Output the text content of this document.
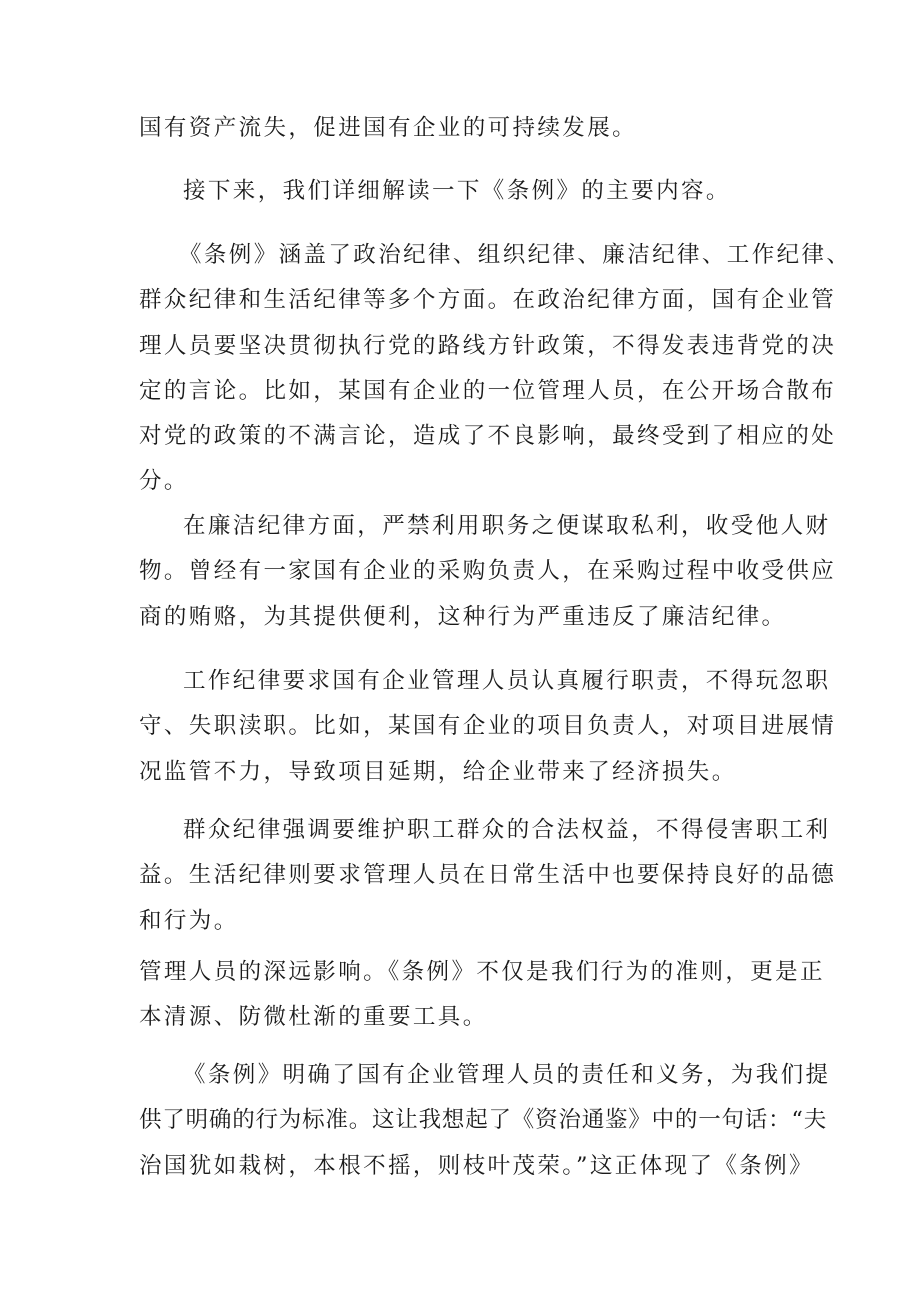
国有资产流失，促进国有企业的可持续发展。

接下来，我们详细解读一下《条例》的主要内容。

《条例》涵盖了政治纪律、组织纪律、廉洁纪律、工作纪律、
群众纪律和生活纪律等多个方面。在政治纪律方面，国有企业管
理人员要坚决贯彻执行党的路线方针政策，不得发表违背党的决
定的言论。比如，某国有企业的一位管理人员，在公开场合散布
对党的政策的不满言论，造成了不良影响，最终受到了相应的处
分。

在廉洁纪律方面，严禁利用职务之便谋取私利，收受他人财
物。曾经有一家国有企业的采购负责人，在采购过程中收受供应
商的贿赂，为其提供便利，这种行为严重违反了廉洁纪律。

工作纪律要求国有企业管理人员认真履行职责，不得玩忽职
守、失职渎职。比如，某国有企业的项目负责人，对项目进展情
况监管不力，导致项目延期，给企业带来了经济损失。

群众纪律强调要维护职工群众的合法权益，不得侵害职工利
益。生活纪律则要求管理人员在日常生活中也要保持良好的品德
和行为。

管理人员的深远影响。《条例》不仅是我们行为的准则，更是正
本清源、防微杜渐的重要工具。

《条例》明确了国有企业管理人员的责任和义务，为我们提
供了明确的行为标准。这让我想起了《资治通鉴》中的一句话：“夫
治国犹如栽树，本根不摇，则枝叶茂荣。”这正体现了《条例》
